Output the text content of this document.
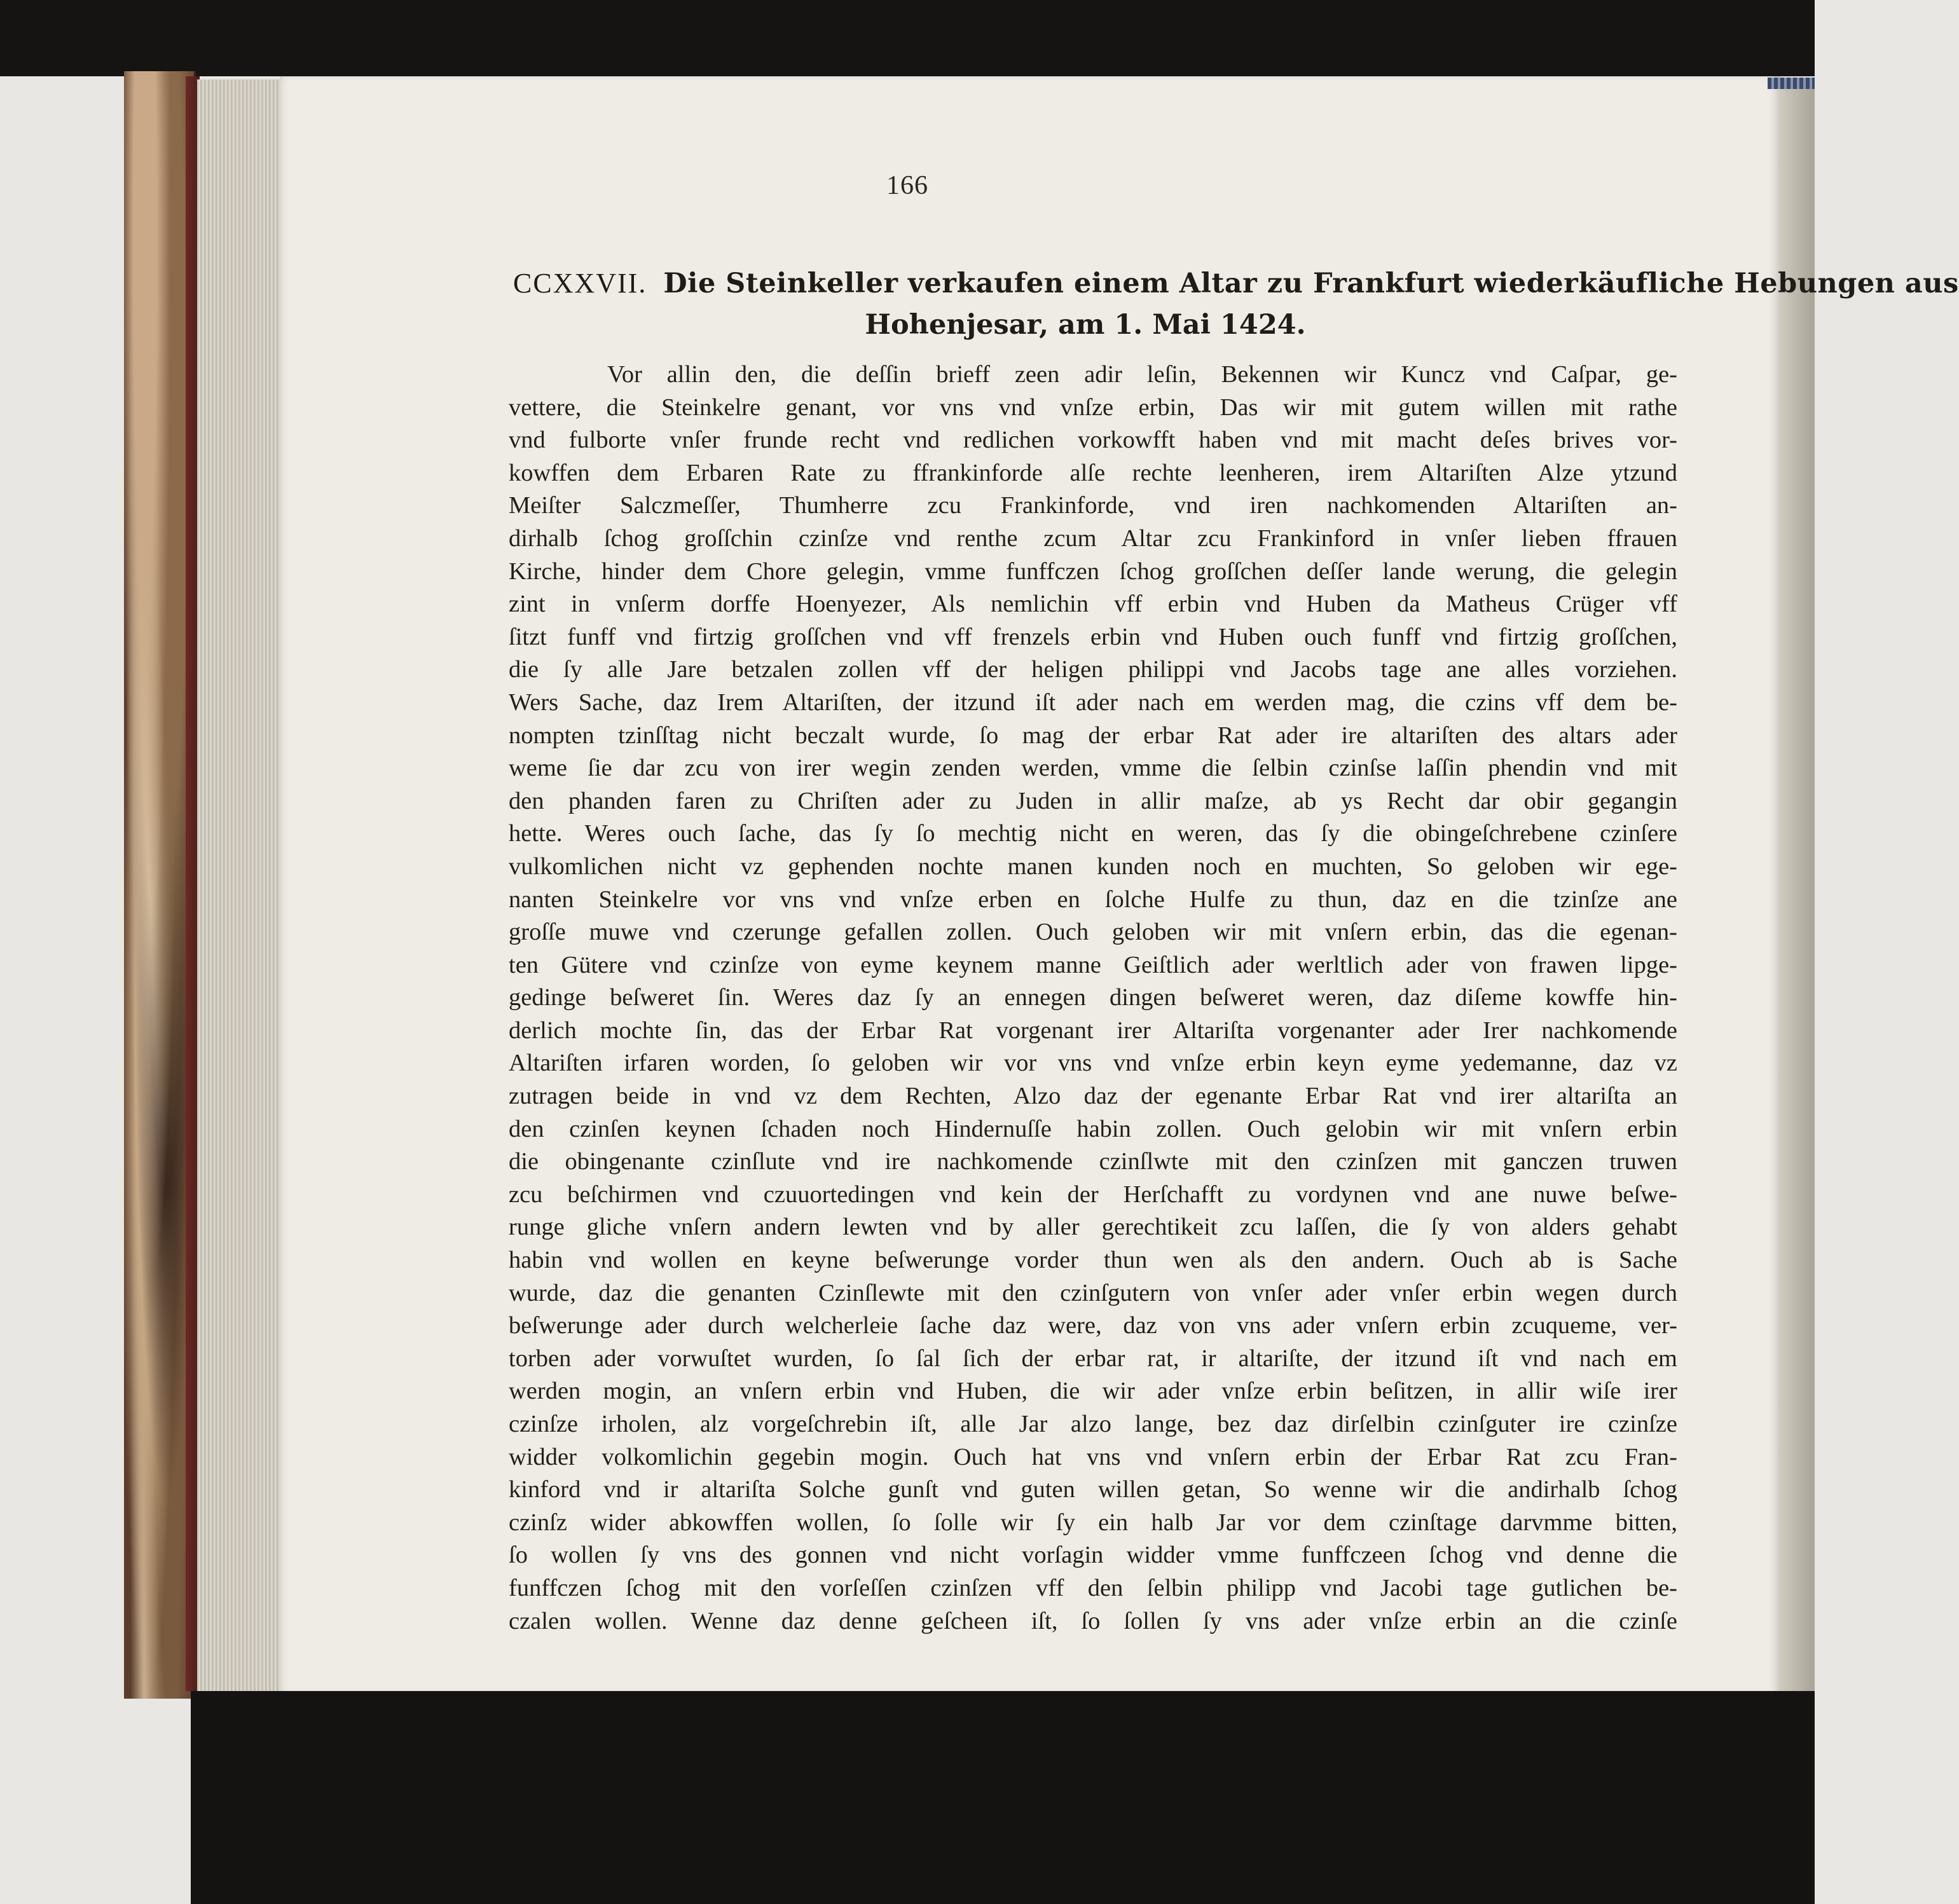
166
CCXXVII. Die Steinkeller verkaufen einem Altar zu Frankfurt wiederkäufliche Hebungen aus
Hohenjesar, am 1. Mai 1424.
Vor allin den, die deſſin brieff zeen adir leſin, Bekennen wir Kuncz vnd Caſpar, ge-
vettere, die Steinkelre genant, vor vns vnd vnſze erbin, Das wir mit gutem willen mit rathe
vnd fulborte vnſer frunde recht vnd redlichen vorkowfft haben vnd mit macht deſes brives vor-
kowffen dem Erbaren Rate zu ffrankinforde alſe rechte leenheren, irem Altariſten Alze ytzund
Meiſter Salczmeſſer, Thumherre zcu Frankinforde, vnd iren nachkomenden Altariſten an-
dirhalb ſchog groſſchin czinſze vnd renthe zcum Altar zcu Frankinford in vnſer lieben ffrauen
Kirche, hinder dem Chore gelegin, vmme funffczen ſchog groſſchen deſſer lande werung, die gelegin
zint in vnſerm dorffe Hoenyezer, Als nemlichin vff erbin vnd Huben da Matheus Crüger vff
ſitzt funff vnd firtzig groſſchen vnd vff frenzels erbin vnd Huben ouch funff vnd firtzig groſſchen,
die ſy alle Jare betzalen zollen vff der heligen philippi vnd Jacobs tage ane alles vorziehen.
Wers Sache, daz Irem Altariſten, der itzund iſt ader nach em werden mag, die czins vff dem be-
nompten tzinſſtag nicht beczalt wurde, ſo mag der erbar Rat ader ire altariſten des altars ader
weme ſie dar zcu von irer wegin zenden werden, vmme die ſelbin czinſse laſſin phendin vnd mit
den phanden faren zu Chriſten ader zu Juden in allir maſze, ab ys Recht dar obir gegangin
hette. Weres ouch ſache, das ſy ſo mechtig nicht en weren, das ſy die obingeſchrebene czinſere
vulkomlichen nicht vz gephenden nochte manen kunden noch en muchten, So geloben wir ege-
nanten Steinkelre vor vns vnd vnſze erben en ſolche Hulfe zu thun, daz en die tzinſze ane
groſſe muwe vnd czerunge gefallen zollen. Ouch geloben wir mit vnſern erbin, das die egenan-
ten Gütere vnd czinſze von eyme keynem manne Geiſtlich ader werltlich ader von frawen lipge-
gedinge beſweret ſin. Weres daz ſy an ennegen dingen beſweret weren, daz diſeme kowffe hin-
derlich mochte ſin, das der Erbar Rat vorgenant irer Altariſta vorgenanter ader Irer nachkomende
Altariſten irfaren worden, ſo geloben wir vor vns vnd vnſze erbin keyn eyme yedemanne, daz vz
zutragen beide in vnd vz dem Rechten, Alzo daz der egenante Erbar Rat vnd irer altariſta an
den czinſen keynen ſchaden noch Hindernuſſe habin zollen. Ouch gelobin wir mit vnſern erbin
die obingenante czinſlute vnd ire nachkomende czinſlwte mit den czinſzen mit ganczen truwen
zcu beſchirmen vnd czuuortedingen vnd kein der Herſchafft zu vordynen vnd ane nuwe beſwe-
runge gliche vnſern andern lewten vnd by aller gerechtikeit zcu laſſen, die ſy von alders gehabt
habin vnd wollen en keyne beſwerunge vorder thun wen als den andern. Ouch ab is Sache
wurde, daz die genanten Czinſlewte mit den czinſgutern von vnſer ader vnſer erbin wegen durch
beſwerunge ader durch welcherleie ſache daz were, daz von vns ader vnſern erbin zcuqueme, ver-
torben ader vorwuſtet wurden, ſo ſal ſich der erbar rat, ir altariſte, der itzund iſt vnd nach em
werden mogin, an vnſern erbin vnd Huben, die wir ader vnſze erbin beſitzen, in allir wiſe irer
czinſze irholen, alz vorgeſchrebin iſt, alle Jar alzo lange, bez daz dirſelbin czinſguter ire czinſze
widder volkomlichin gegebin mogin. Ouch hat vns vnd vnſern erbin der Erbar Rat zcu Fran-
kinford vnd ir altariſta Solche gunſt vnd guten willen getan, So wenne wir die andirhalb ſchog
czinſz wider abkowffen wollen, ſo ſolle wir ſy ein halb Jar vor dem czinſtage darvmme bitten,
ſo wollen ſy vns des gonnen vnd nicht vorſagin widder vmme funffczeen ſchog vnd denne die
funffczen ſchog mit den vorſeſſen czinſzen vff den ſelbin philipp vnd Jacobi tage gutlichen be-
czalen wollen. Wenne daz denne geſcheen iſt, ſo ſollen ſy vns ader vnſze erbin an die czinſe
